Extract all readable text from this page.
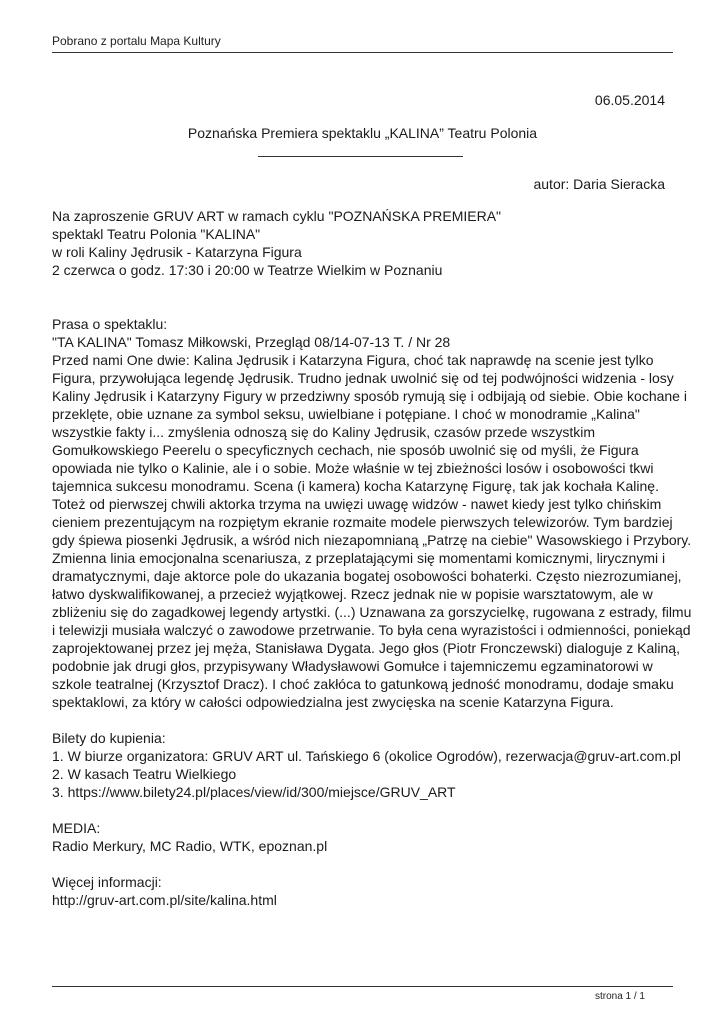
Pobrano z portalu Mapa Kultury
06.05.2014
Poznańska Premiera spektaklu „KALINA” Teatru Polonia
autor: Daria Sieracka
Na zaproszenie GRUV ART w ramach cyklu "POZNAŃSKA PREMIERA"
spektakl Teatru Polonia "KALINA"
w roli Kaliny Jędrusik - Katarzyna Figura
2 czerwca o godz. 17:30 i 20:00 w Teatrze Wielkim w Poznaniu
Prasa o spektaklu:
"TA KALINA" Tomasz Miłkowski, Przegląd 08/14-07-13 T. / Nr 28
Przed nami One dwie: Kalina Jędrusik i Katarzyna Figura, choć tak naprawdę na scenie jest tylko
Figura, przywołująca legendę Jędrusik. Trudno jednak uwolnić się od tej podwójności widzenia - losy
Kaliny Jędrusik i Katarzyny Figury w przedziwny sposób rymują się i odbijają od siebie. Obie kochane i
przeklęte, obie uznane za symbol seksu, uwielbiane i potępiane. I choć w monodramie „Kalina"
wszystkie fakty i... zmyślenia odnoszą się do Kaliny Jędrusik, czasów przede wszystkim
Gomułkowskiego Peerelu o specyficznych cechach, nie sposób uwolnić się od myśli, że Figura
opowiada nie tylko o Kalinie, ale i o sobie. Może właśnie w tej zbieżności losów i osobowości tkwi
tajemnica sukcesu monodramu. Scena (i kamera) kocha Katarzynę Figurę, tak jak kochała Kalinę.
Toteż od pierwszej chwili aktorka trzyma na uwięzi uwagę widzów - nawet kiedy jest tylko chińskim
cieniem prezentującym na rozpiętym ekranie rozmaite modele pierwszych telewizorów. Tym bardziej
gdy śpiewa piosenki Jędrusik, a wśród nich niezapomnianą „Patrzę na ciebie" Wasowskiego i Przybory.
Zmienna linia emocjonalna scenariusza, z przeplatającymi się momentami komicznymi, lirycznymi i
dramatycznymi, daje aktorce pole do ukazania bogatej osobowości bohaterki. Często niezrozumianej,
łatwo dyskwalifikowanej, a przecież wyjątkowej. Rzecz jednak nie w popisie warsztatowym, ale w
zbliżeniu się do zagadkowej legendy artystki. (...) Uznawana za gorszycielkę, rugowana z estrady, filmu
i telewizji musiała walczyć o zawodowe przetrwanie. To była cena wyrazistości i odmienności, poniekąd
zaprojektowanej przez jej męża, Stanisława Dygata. Jego głos (Piotr Fronczewski) dialoguje z Kaliną,
podobnie jak drugi głos, przypisywany Władysławowi Gomułce i tajemniczemu egzaminatorowi w
szkole teatralnej (Krzysztof Dracz). I choć zakłóca to gatunkową jedność monodramu, dodaje smaku
spektaklowi, za który w całości odpowiedzialna jest zwycięska na scenie Katarzyna Figura.
Bilety do kupienia:
1. W biurze organizatora: GRUV ART ul. Tańskiego 6 (okolice Ogrodów), rezerwacja@gruv-art.com.pl
2. W kasach Teatru Wielkiego
3. https://www.bilety24.pl/places/view/id/300/miejsce/GRUV_ART
MEDIA:
Radio Merkury, MC Radio, WTK, epoznan.pl
Więcej informacji:
http://gruv-art.com.pl/site/kalina.html
strona 1 / 1
